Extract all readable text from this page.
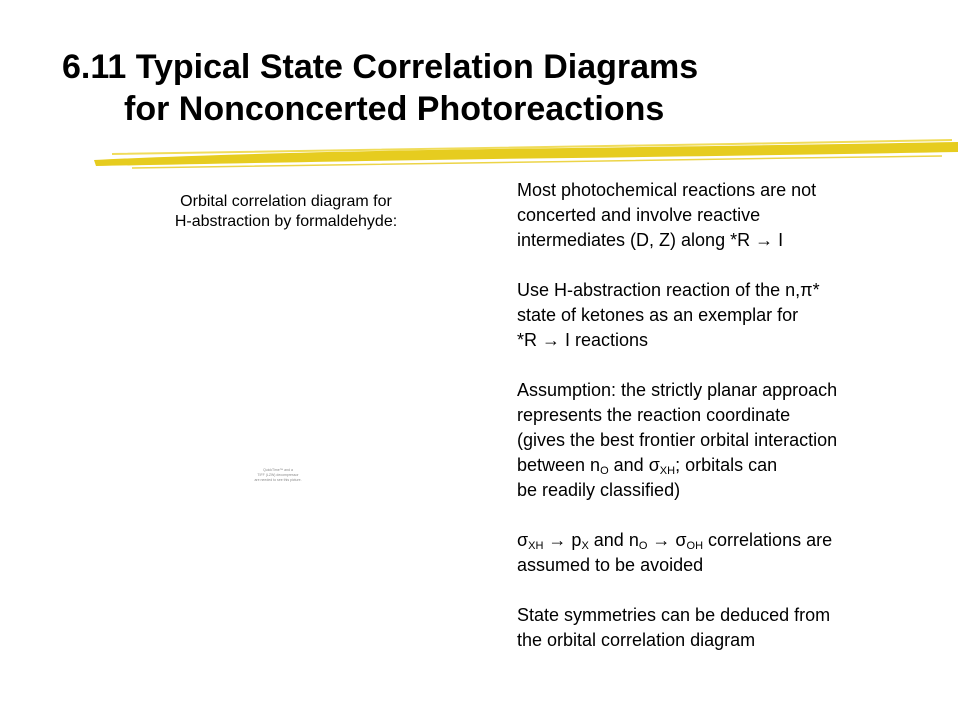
6.11 Typical State Correlation Diagrams
for Nonconcerted Photoreactions
Orbital correlation diagram for
H-abstraction by formaldehyde:
QuickTime™ and a
TIFF (LZW) decompressor
are needed to see this picture.
Most photochemical reactions are not
concerted and involve reactive
intermediates (D, Z) along *R → I
Use H-abstraction reaction of the n,π*
state of ketones as an exemplar for
*R → I reactions
Assumption: the strictly planar approach
represents the reaction coordinate
(gives the best frontier orbital interaction
between $n_O$ and $\sigma_{XH}$; orbitals can
be readily classified)
$\sigma_{XH} \to p_X$ and $n_O \to \sigma_{OH}$ correlations are
assumed to be avoided
State symmetries can be deduced from
the orbital correlation diagram
